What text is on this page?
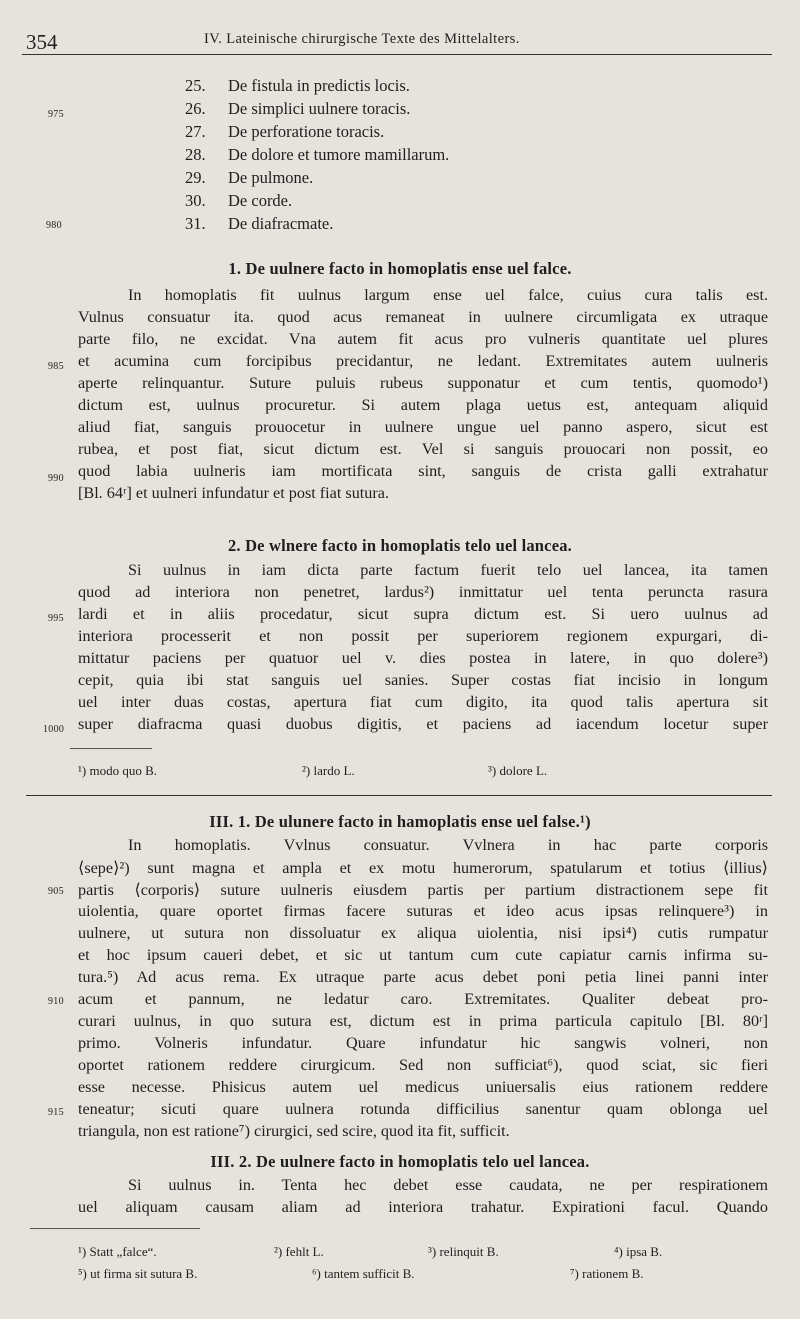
354	IV. Lateinische chirurgische Texte des Mittelalters.
25.	De fistula in predictis locis.
26.	De simplici uulnere toracis.
27.	De perforatione toracis.
28.	De dolore et tumore mamillarum.
29.	De pulmone.
30.	De corde.
31.	De diafracmate.
975
980
985
990
995
1000
905
910
915
1. De uulnere facto in homoplatis ense uel falce.
In homoplatis fit uulnus largum ense uel falce, cuius cura talis est.
Vulnus consuatur ita. quod acus remaneat in uulnere circumligata ex utraque
parte filo, ne excidat. Vna autem fit acus pro vulneris quantitate uel plures
et acumina cum forcipibus precidantur, ne ledant. Extremitates autem uulneris
aperte relinquantur. Suture puluis rubeus supponatur et cum tentis, quomodo¹)
dictum est, uulnus procuretur. Si autem plaga uetus est, antequam aliquid
aliud fiat, sanguis prouocetur in uulnere ungue uel panno aspero, sicut est
rubea, et post fiat, sicut dictum est. Vel si sanguis prouocari non possit, eo
quod labia uulneris iam mortificata sint, sanguis de crista galli extrahatur
[Bl. 64ʳ] et uulneri infundatur et post fiat sutura.
2. De wlnere facto in homoplatis telo uel lancea.
Si uulnus in iam dicta parte factum fuerit telo uel lancea, ita tamen
quod ad interiora non penetret, lardus²) inmittatur uel tenta peruncta rasura
lardi et in aliis procedatur, sicut supra dictum est. Si uero uulnus ad
interiora processerit et non possit per superiorem regionem expurgari, di-
mittatur paciens per quatuor uel v. dies postea in latere, in quo dolere³)
cepit, quia ibi stat sanguis uel sanies. Super costas fiat incisio in longum
uel inter duas costas, apertura fiat cum digito, ita quod talis apertura sit
super diafracma quasi duobus digitis, et paciens ad iacendum locetur super
¹) modo quo B.	²) lardo L.	³) dolore L.
III. 1. De ulunere facto in hamoplatis ense uel false.¹)
In homoplatis. Vvlnus consuatur. Vvlnera in hac parte corporis
⟨sepe⟩²) sunt magna et ampla et ex motu humerorum, spatularum et totius ⟨illius⟩
partis ⟨corporis⟩ suture uulneris eiusdem partis per partium distractionem sepe fit
uiolentia, quare oportet firmas facere suturas et ideo acus ipsas relinquere³) in
uulnere, ut sutura non dissoluatur ex aliqua uiolentia, nisi ipsi⁴) cutis rumpatur
et hoc ipsum caueri debet, et sic ut tantum cum cute capiatur carnis infirma su-
tura.⁵) Ad acus rema. Ex utraque parte acus debet poni petia linei panni inter
acum et pannum, ne ledatur caro. Extremitates. Qualiter debeat pro-
curari uulnus, in quo sutura est, dictum est in prima particula capitulo [Bl. 80ʳ]
primo. Volneris infundatur. Quare infundatur hic sangwis volneri, non
oportet rationem reddere cirurgicum. Sed non sufficiat⁶), quod sciat, sic fieri
esse necesse. Phisicus autem uel medicus uniuersalis eius rationem reddere
teneatur; sicuti quare uulnera rotunda difficilius sanentur quam oblonga uel
triangula, non est ratione⁷) cirurgici, sed scire, quod ita fit, sufficit.
III. 2. De uulnere facto in homoplatis telo uel lancea.
Si uulnus in. Tenta hec debet esse caudata, ne per respirationem
uel aliquam causam aliam ad interiora trahatur. Expirationi facul. Quando
¹) Statt „falce“.	²) fehlt L.	³) relinquit B.	⁴) ipsa B.
⁵) ut firma sit sutura B.	⁶) tantem sufficit B.	⁷) rationem B.
